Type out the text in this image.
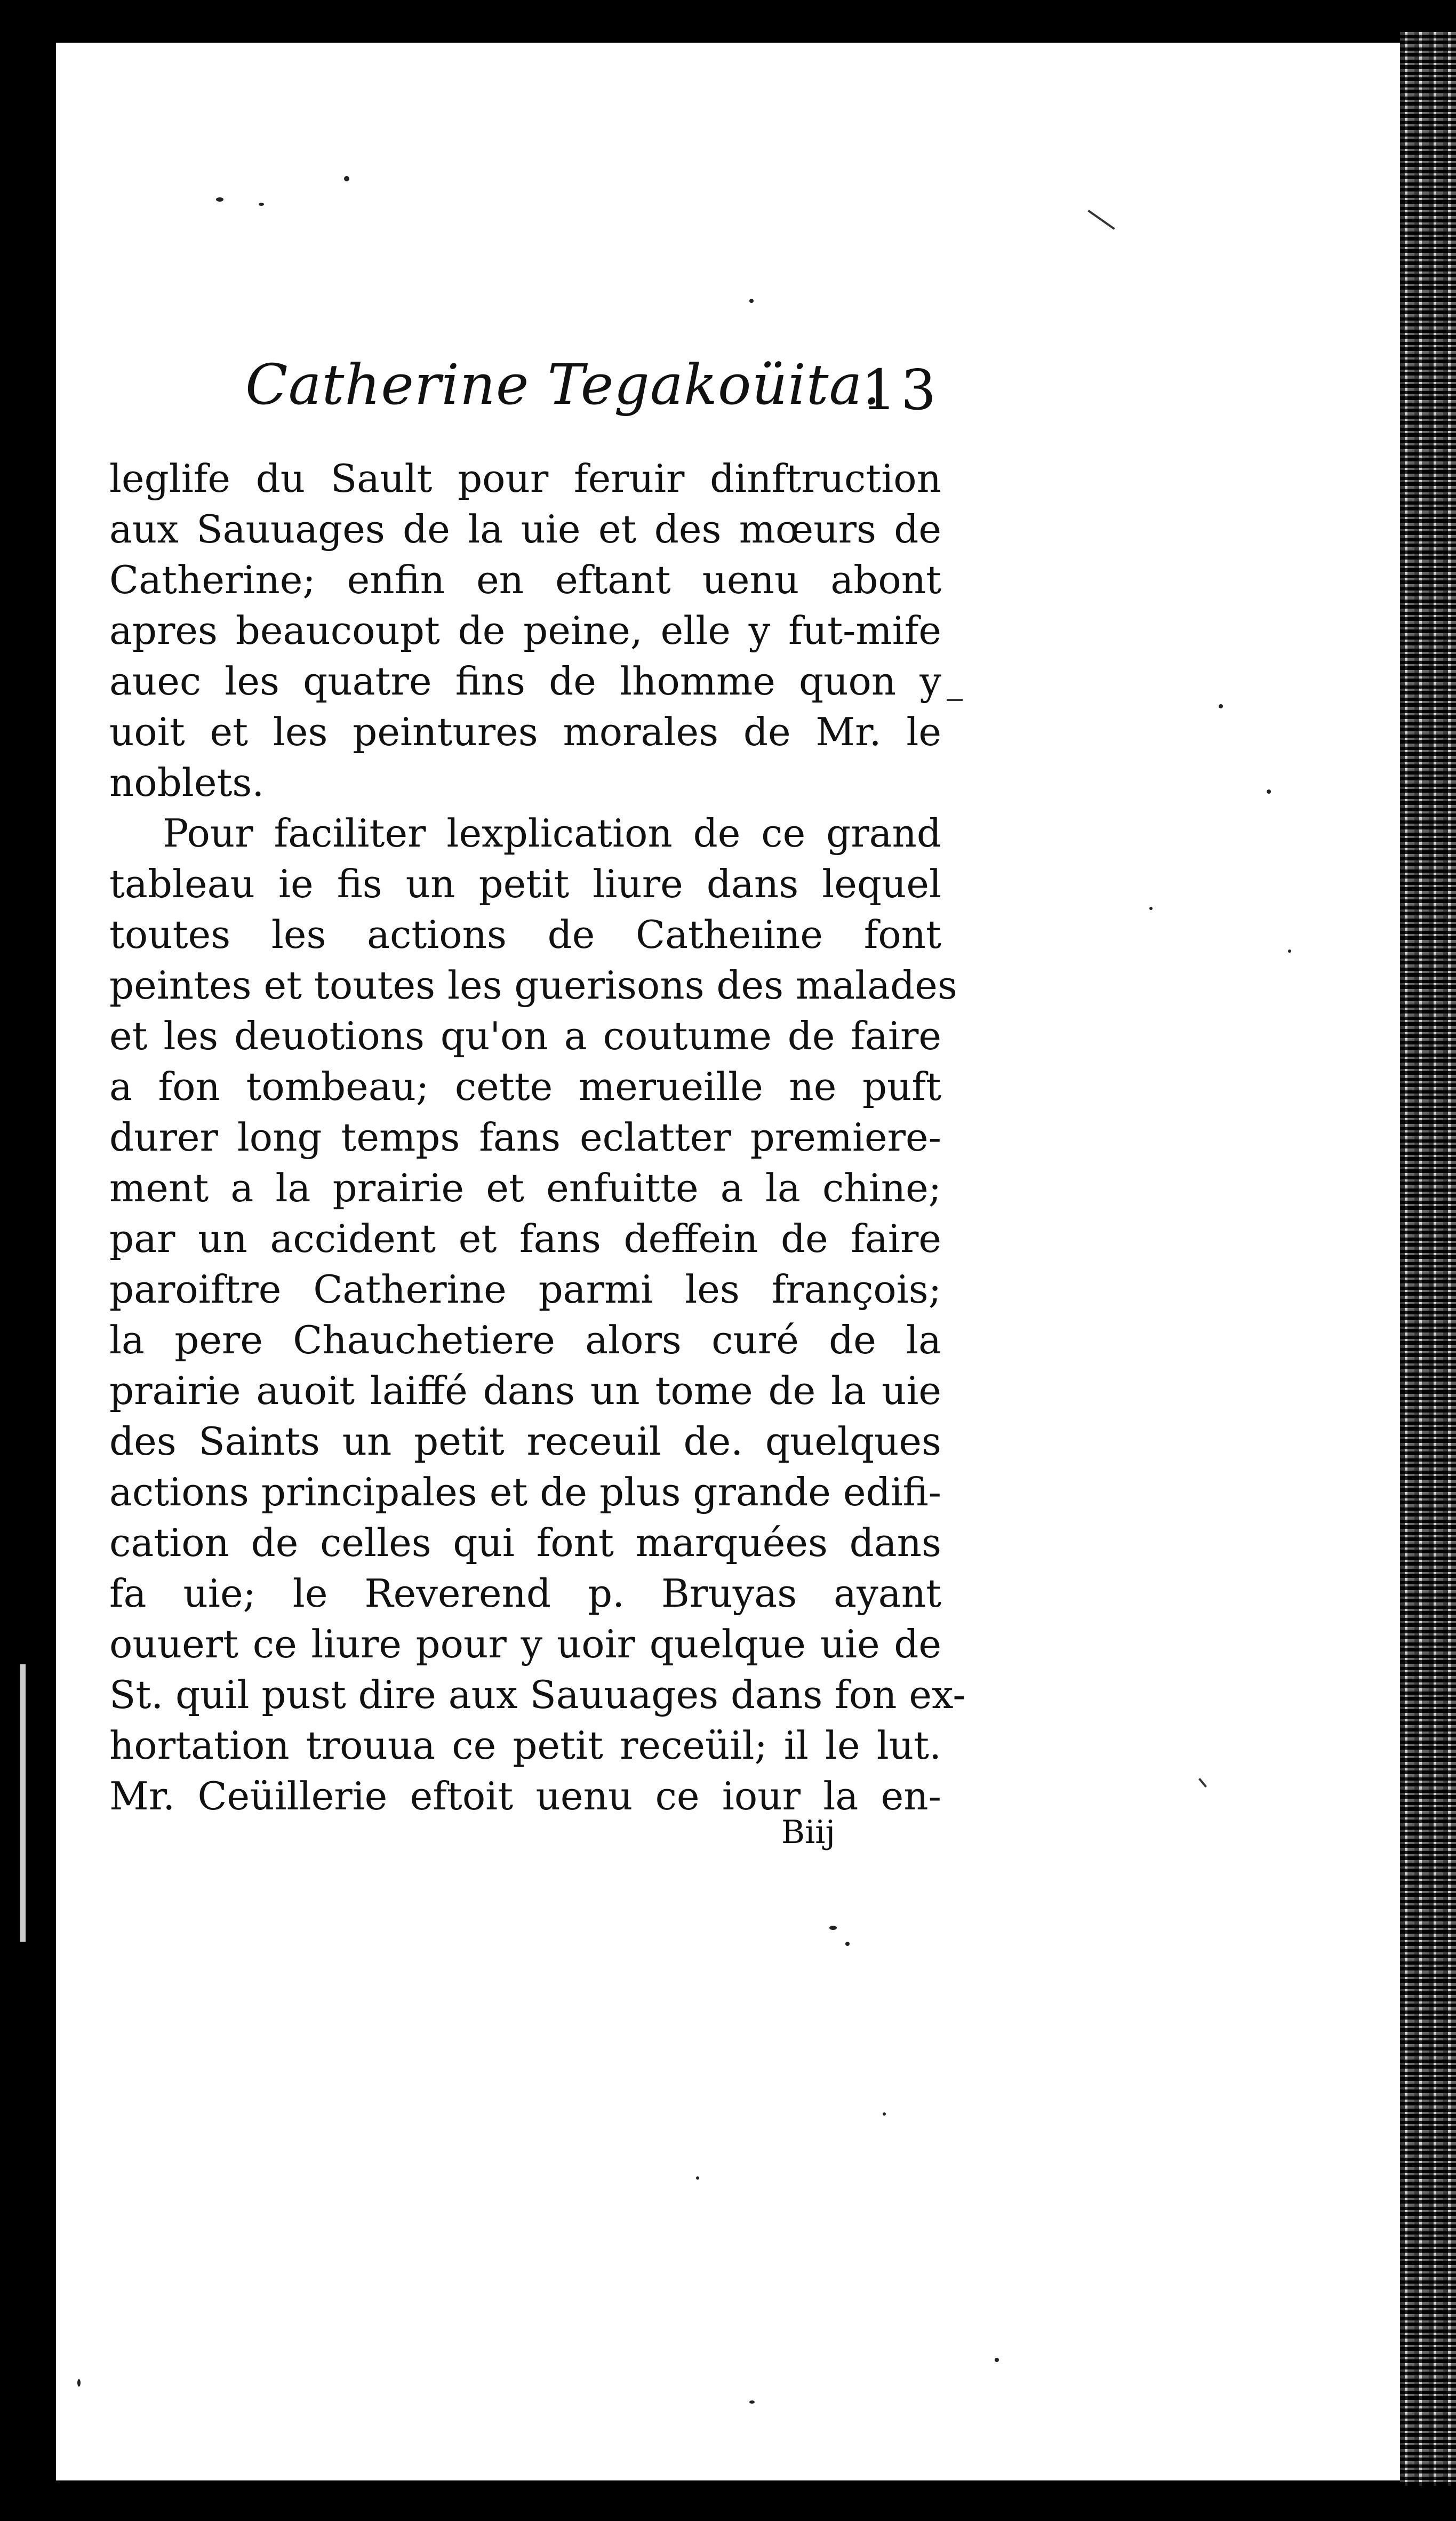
Catherine Tegakoüita.
13
leglife du Sault pour feruir dinftruction
aux Sauuages de la uie et des mœurs de
Catherine; enfin en eftant uenu abont
apres beaucoupt de peine, elle y fut-mife
auec les quatre fins de lhomme quon y
uoit et les peintures morales de Mr. le
noblets.
Pour faciliter lexplication de ce grand
tableau ie fis un petit liure dans lequel
toutes les actions de Catheıine font
peintes et toutes les guerisons des malades
et les deuotions qu'on a coutume de faire
a fon tombeau; cette merueille ne puft
durer long temps fans eclatter premiere-
ment a la prairie et enfuitte a la chine;
par un accident et fans deffein de faire
paroiftre Catherine parmi les françois;
la pere Chauchetiere alors curé de la
prairie auoit laiffé dans un tome de la uie
des Saints un petit receuil de. quelques
actions principales et de plus grande edifi-
cation de celles qui font marquées dans
fa uie; le Reverend p. Bruyas ayant
ouuert ce liure pour y uoir quelque uie de
St. quil pust dire aux Sauuages dans fon ex-
hortation trouua ce petit receüil; il le lut.
Mr. Ceüillerie eftoit uenu ce iour la en-
Biij
